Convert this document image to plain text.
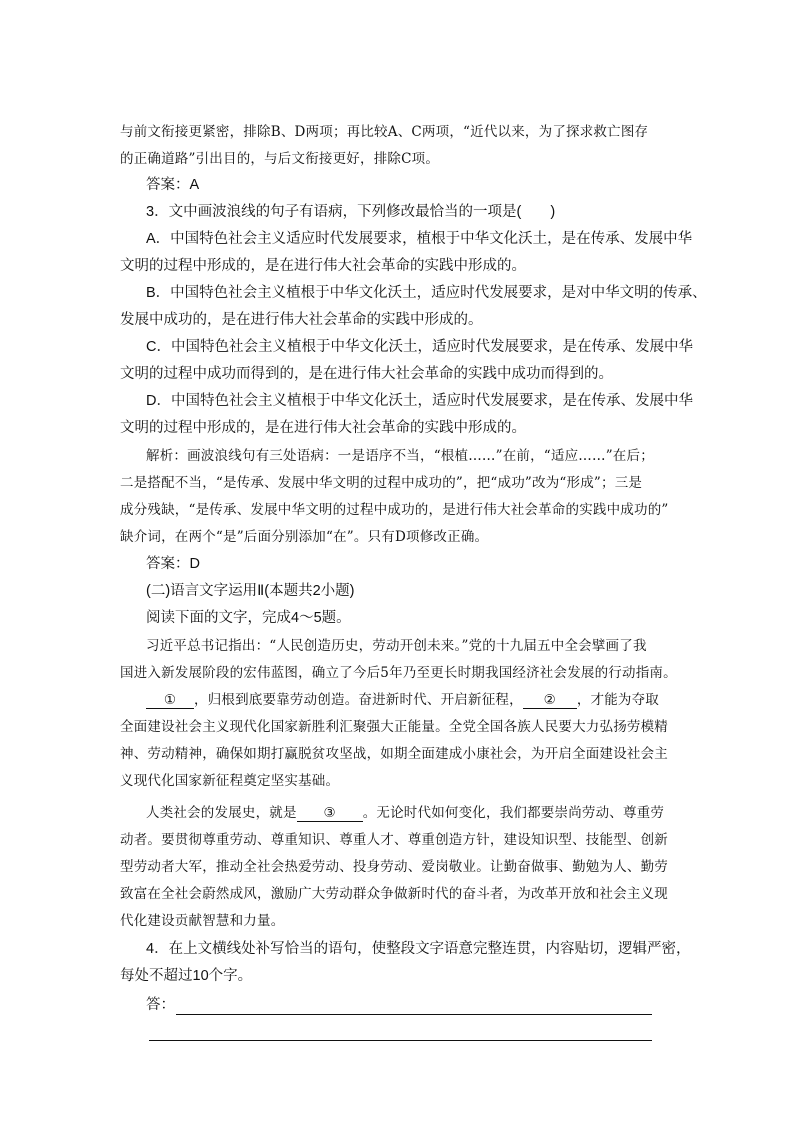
与前文衔接更紧密，排除B、D两项；再比较A、C两项，“近代以来，为了探求救亡图存
的正确道路”引出目的，与后文衔接更好，排除C项。
答案：A
3．文中画波浪线的句子有语病，下列修改最恰当的一项是(　　)
A．中国特色社会主义适应时代发展要求，植根于中华文化沃土，是在传承、发展中华
文明的过程中形成的，是在进行伟大社会革命的实践中形成的。
B．中国特色社会主义植根于中华文化沃土，适应时代发展要求，是对中华文明的传承、
发展中成功的，是在进行伟大社会革命的实践中形成的。
C．中国特色社会主义植根于中华文化沃土，适应时代发展要求，是在传承、发展中华
文明的过程中成功而得到的，是在进行伟大社会革命的实践中成功而得到的。
D．中国特色社会主义植根于中华文化沃土，适应时代发展要求，是在传承、发展中华
文明的过程中形成的，是在进行伟大社会革命的实践中形成的。
解析：画波浪线句有三处语病：一是语序不当，“根植……”在前，“适应……”在后；
二是搭配不当，“是传承、发展中华文明的过程中成功的”，把“成功”改为“形成”；三是
成分残缺，“是传承、发展中华文明的过程中成功的，是进行伟大社会革命的实践中成功的”
缺介词，在两个“是”后面分别添加“在”。只有D项修改正确。
答案：D
(二)语言文字运用Ⅱ(本题共2小题)
阅读下面的文字，完成4～5题。
习近平总书记指出：“人民创造历史，劳动开创未来。”党的十九届五中全会擘画了我
国进入新发展阶段的宏伟蓝图，确立了今后5年乃至更长时期我国经济社会发展的行动指南。
① ，归根到底要靠劳动创造。奋进新时代、开启新征程， ② ，才能为夺取
全面建设社会主义现代化国家新胜利汇聚强大正能量。全党全国各族人民要大力弘扬劳模精
神、劳动精神，确保如期打赢脱贫攻坚战，如期全面建成小康社会，为开启全面建设社会主
义现代化国家新征程奠定坚实基础。
人类社会的发展史，就是 ③ 。无论时代如何变化，我们都要崇尚劳动、尊重劳
动者。要贯彻尊重劳动、尊重知识、尊重人才、尊重创造方针，建设知识型、技能型、创新
型劳动者大军，推动全社会热爱劳动、投身劳动、爱岗敬业。让勤奋做事、勤勉为人、勤劳
致富在全社会蔚然成风，激励广大劳动群众争做新时代的奋斗者，为改革开放和社会主义现
代化建设贡献智慧和力量。
4．在上文横线处补写恰当的语句，使整段文字语意完整连贯，内容贴切，逻辑严密，
每处不超过10个字。
答：
